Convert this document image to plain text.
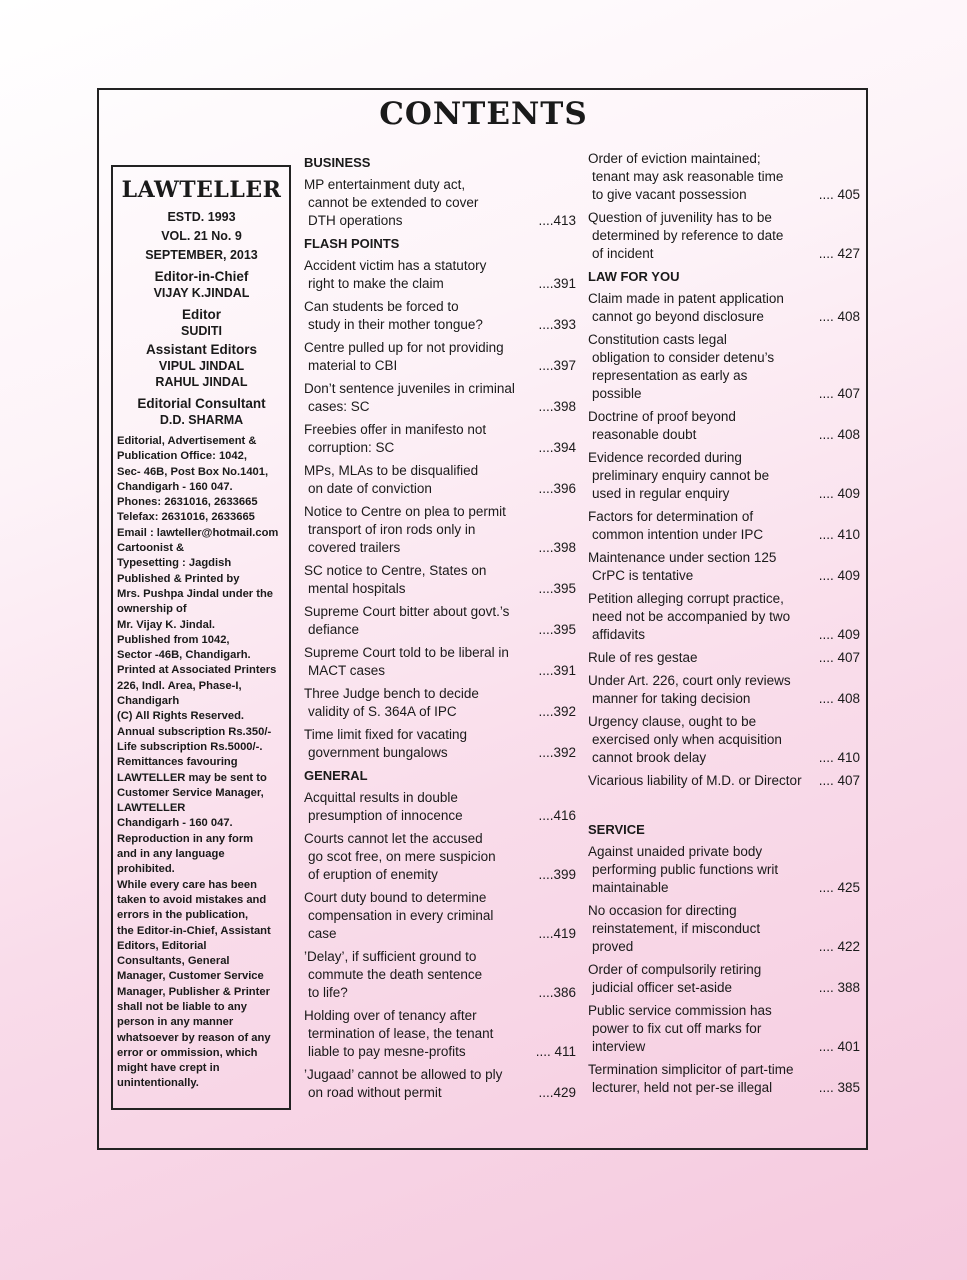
CONTENTS
LAWTELLER
ESTD. 1993
VOL. 21 No. 9
SEPTEMBER, 2013
Editor-in-Chief
VIJAY K.JINDAL
Editor
SUDITI
Assistant Editors
VIPUL JINDAL
RAHUL JINDAL
Editorial Consultant
D.D. SHARMA
Editorial, Advertisement &
Publication Office: 1042,
Sec- 46B, Post Box No.1401,
Chandigarh - 160 047.
Phones: 2631016, 2633665
Telefax: 2631016, 2633665
Email : lawteller@hotmail.com
Cartoonist &
Typesetting : Jagdish
Published & Printed by
Mrs. Pushpa Jindal under the
ownership of
Mr. Vijay K. Jindal.
Published from 1042,
Sector -46B, Chandigarh.
Printed at Associated Printers
226, Indl. Area, Phase-I,
Chandigarh
(C) All Rights Reserved.
Annual subscription Rs.350/-
Life subscription Rs.5000/-.
Remittances favouring
LAWTELLER may be sent to
Customer Service Manager,
LAWTELLER
Chandigarh - 160 047.
Reproduction in any form
and in any language
prohibited.
While every care has been
taken to avoid mistakes and
errors in the publication,
the Editor-in-Chief, Assistant
Editors, Editorial
Consultants, General
Manager, Customer Service
Manager, Publisher & Printer
shall not be liable to any
person in any manner
whatsoever by reason of any
error or ommission, which
might have crept in
unintentionally.
BUSINESS
MP entertainment duty act,
cannot be extended to cover
DTH operations	....413
FLASH POINTS
Accident victim has a statutory
right to make the claim	....391
Can students be forced to
study in their mother tongue?	....393
Centre pulled up for not providing
material to CBI	....397
Don’t sentence juveniles in criminal
cases: SC	....398
Freebies offer in manifesto not
corruption: SC	....394
MPs, MLAs to be disqualified
on date of conviction	....396
Notice to Centre on plea to permit
transport of iron rods only in
covered trailers	....398
SC notice to Centre, States on
mental hospitals	....395
Supreme Court bitter about govt.’s
defiance	....395
Supreme Court told to be liberal in
MACT cases	....391
Three Judge bench to decide
validity of S. 364A of IPC	....392
Time limit fixed for vacating
government bungalows	....392
GENERAL
Acquittal results in double
presumption of innocence	....416
Courts cannot let the accused
go scot free, on mere suspicion
of eruption of enemity	....399
Court duty bound to determine
compensation in every criminal
case	....419
’Delay’, if sufficient ground to
commute the death sentence
to life?	....386
Holding over of tenancy after
termination of lease, the tenant
liable to pay mesne-profits	.... 411
’Jugaad’ cannot be allowed to ply
on road without permit	....429
Order of eviction maintained;
tenant may ask reasonable time
to give vacant possession	.... 405
Question of juvenility has to be
determined by reference to date
of incident	.... 427
LAW FOR YOU
Claim made in patent application
cannot go beyond disclosure	.... 408
Constitution casts legal
obligation to consider detenu’s
representation as early as
possible	.... 407
Doctrine of proof beyond
reasonable doubt	.... 408
Evidence recorded during
preliminary enquiry cannot be
used in regular enquiry	.... 409
Factors for determination of
common intention under IPC	.... 410
Maintenance under section 125
CrPC is tentative	.... 409
Petition alleging corrupt practice,
need not be accompanied by two
affidavits	.... 409
Rule of res gestae	.... 407
Under Art. 226, court only reviews
manner for taking decision	.... 408
Urgency clause, ought to be
exercised only when acquisition
cannot brook delay	.... 410
Vicarious liability of M.D. or Director	.... 407
SERVICE
Against unaided private body
performing public functions writ
maintainable	.... 425
No occasion for directing
reinstatement, if misconduct
proved	.... 422
Order of compulsorily retiring
judicial officer set-aside	.... 388
Public service commission has
power to fix cut off marks for
interview	.... 401
Termination simplicitor of part-time
lecturer, held not per-se illegal	.... 385
